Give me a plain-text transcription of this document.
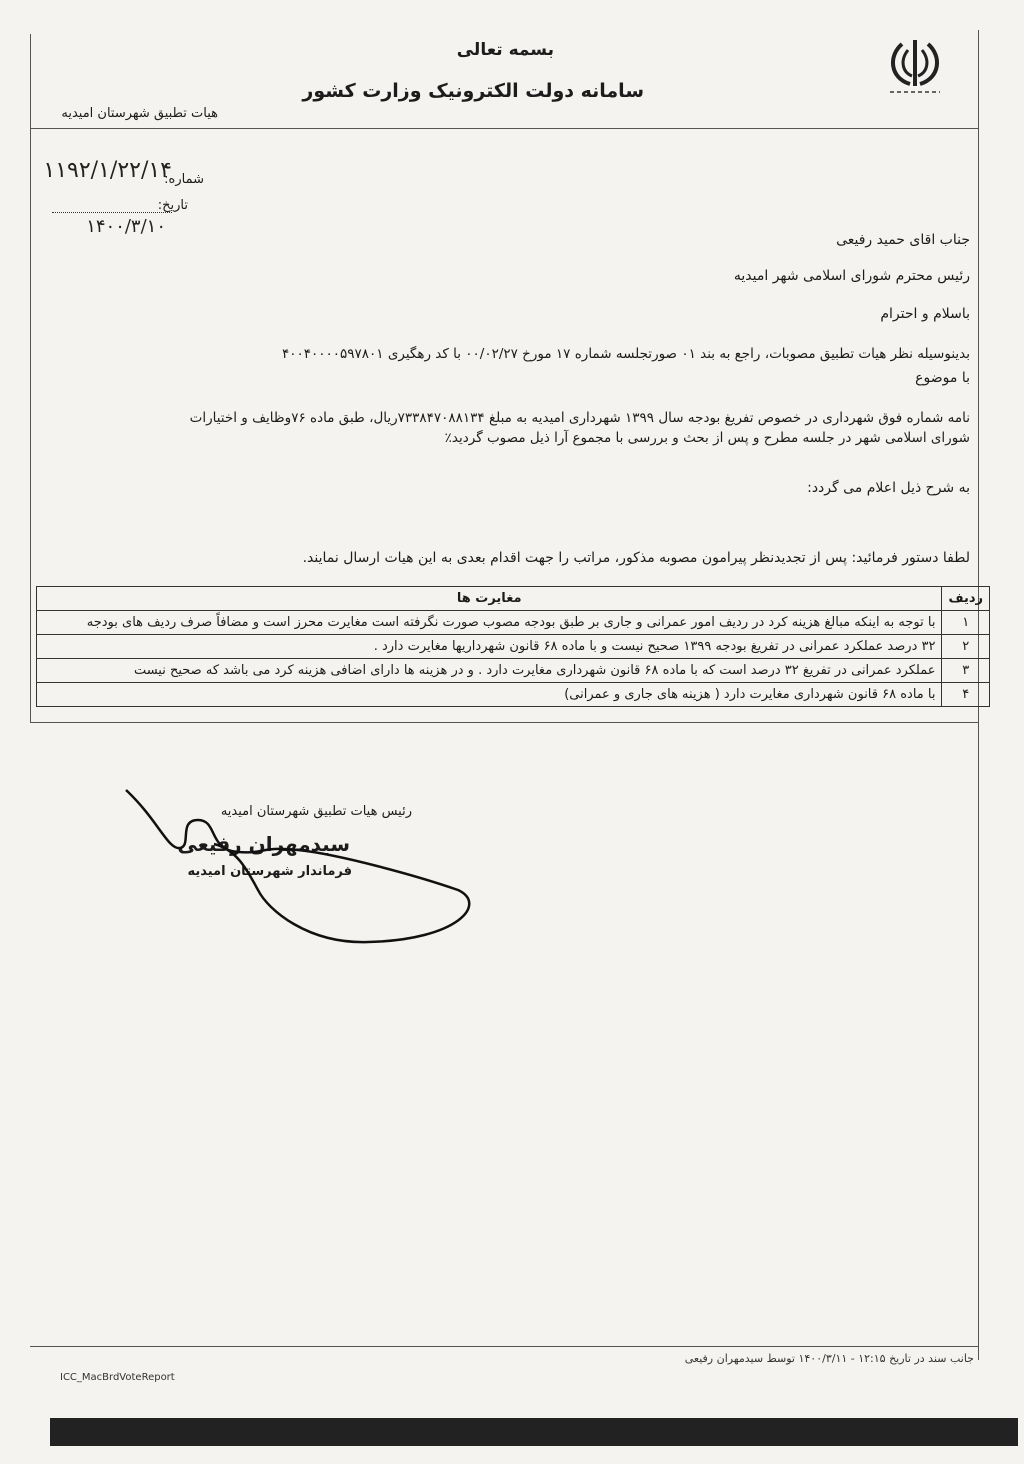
بسمه تعالی
سامانه دولت الکترونیک وزارت کشور
هیات تطبیق شهرستان امیدیه
شماره:
۱۱۹۲/۱/۲۲/۱۴
تاریخ:
۱۴۰۰/۳/۱۰
جناب اقای حمید رفیعی
رئیس محترم شورای اسلامی شهر امیدیه
باسلام و احترام
بدینوسیله نظر هیات تطبیق مصوبات، راجع به بند ۰۱ صورتجلسه شماره ۱۷ مورخ ۰۰/۰۲/۲۷ با کد رهگیری ۴۰۰۴۰۰۰۰۵۹۷۸۰۱
با موضوع
نامه شماره فوق شهرداری در خصوص تفریغ بودجه سال ۱۳۹۹ شهرداری امیدیه به مبلغ ۷۳۳۸۴۷۰۸۸۱۳۴ریال، طبق ماده ۷۶وظایف و اختیارات
شورای اسلامی شهر در جلسه مطرح و پس از بحث و بررسی با مجموع آرا ذیل مصوب گردید٪
به شرح ذیل اعلام می گردد:
لطفا دستور فرمائید: پس از تجدیدنظر پیرامون مصوبه مذکور، مراتب را جهت اقدام بعدی به این هیات ارسال نمایند.
ردیف	مغایرت ها
۱	با توجه به اینکه مبالغ هزینه کرد در ردیف امور عمرانی و جاری بر طبق بودجه مصوب صورت نگرفته است مغایرت محرز است و مضافاً صرف ردیف های بودجه
۲	۳۲ درصد عملکرد عمرانی در تفریغ بودجه ۱۳۹۹ صحیح نیست و با ماده ۶۸ قانون شهرداریها مغایرت دارد .
۳	عملکرد عمرانی در تفریغ ۳۲ درصد است که با ماده ۶۸ قانون شهرداری مغایرت دارد . و در هزینه ها دارای اضافی هزینه کرد می باشد که صحیح نیست
۴	با ماده ۶۸ قانون شهرداری مغایرت دارد ( هزینه های جاری و عمرانی)
رئیس هیات تطبیق شهرستان امیدیه
سیدمهران رفیعی
فرماندار شهرستان امیدیه
جانب سند در تاریخ ۱۲:۱۵ - ۱۴۰۰/۳/۱۱ توسط سیدمهران رفیعی
ICC_MacBrdVoteReport
